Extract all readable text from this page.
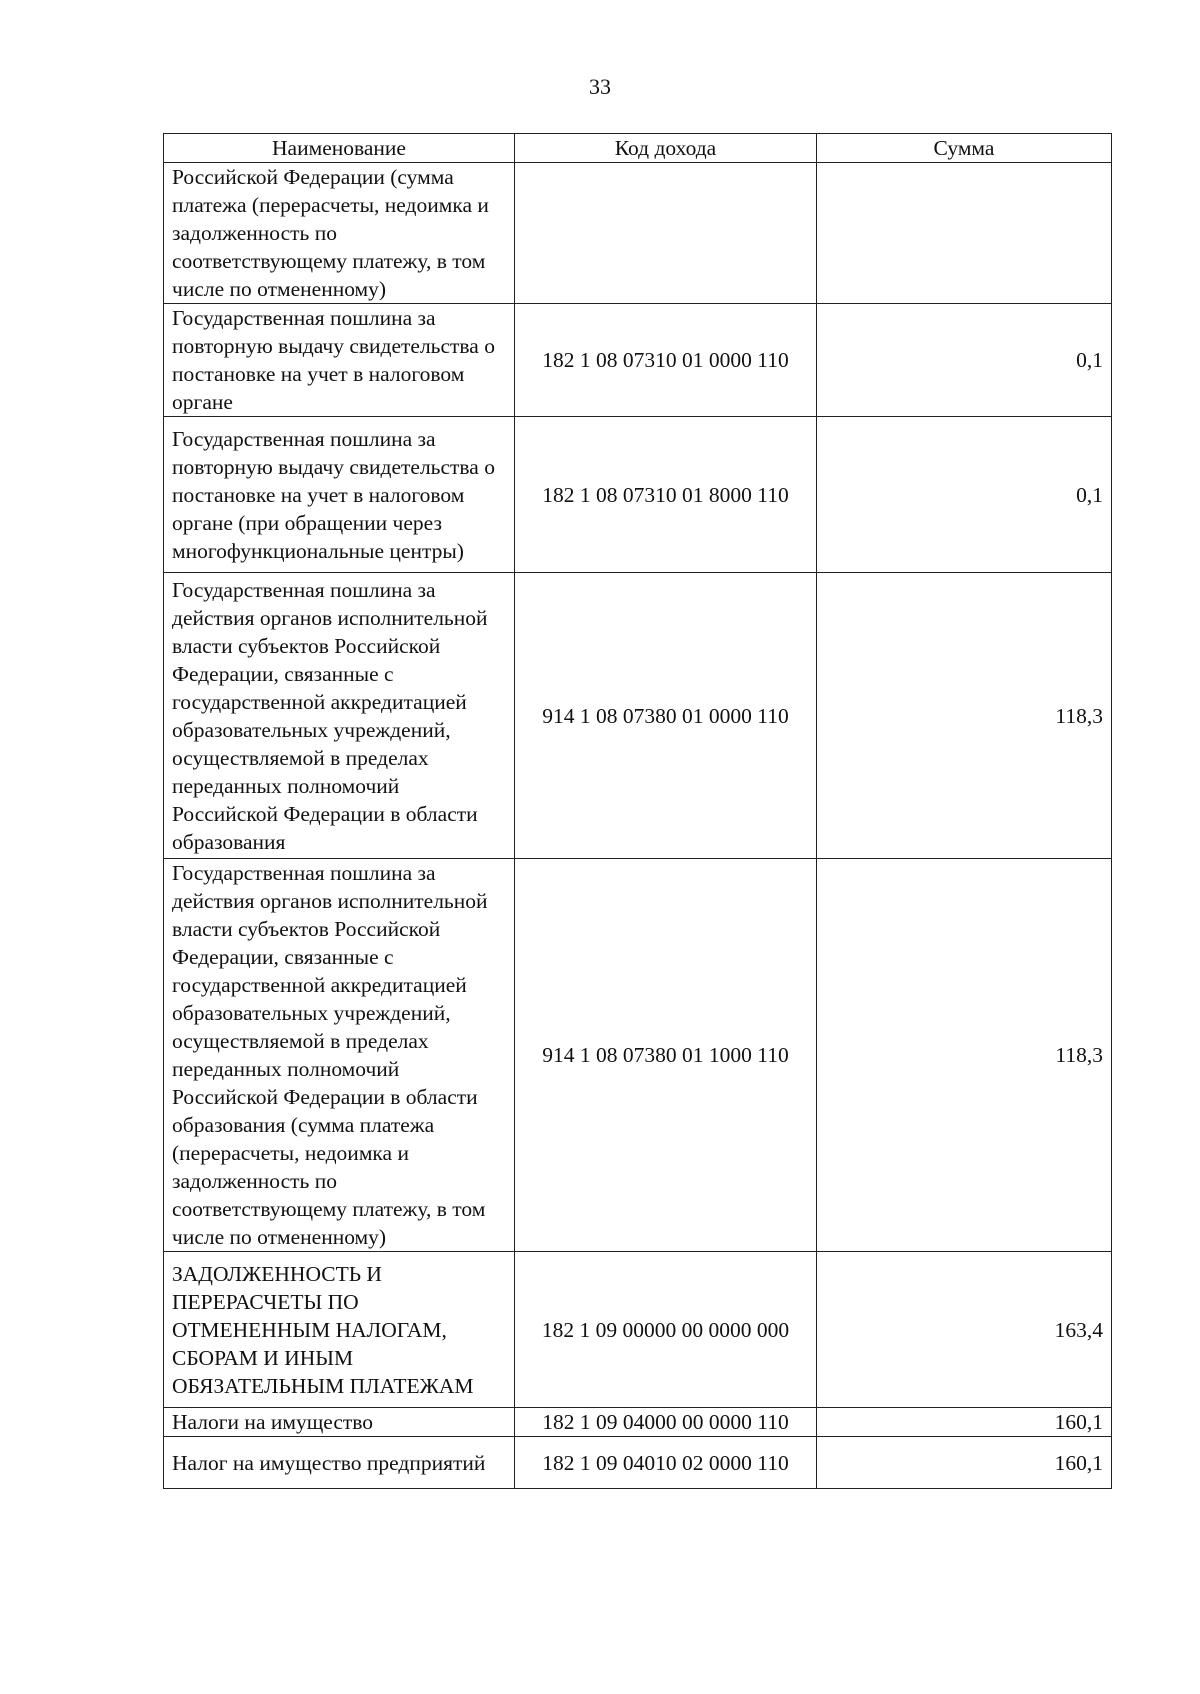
33
Наименование	Код дохода	Сумма
Российской Федерации (сумма платежа (перерасчеты, недоимка и задолженность по соответствующему платежу, в том числе по отмененному)		
Государственная пошлина за повторную выдачу свидетельства о постановке на учет в налоговом органе	182 1 08 07310 01 0000 110	0,1
Государственная пошлина за повторную выдачу свидетельства о постановке на учет в налоговом органе (при обращении через многофункциональные центры)	182 1 08 07310 01 8000 110	0,1
Государственная пошлина за действия органов исполнительной власти субъектов Российской Федерации, связанные с государственной аккредитацией образовательных учреждений, осуществляемой в пределах переданных полномочий Российской Федерации в области образования	914 1 08 07380 01 0000 110	118,3
Государственная пошлина за действия органов исполнительной власти субъектов Российской Федерации, связанные с государственной аккредитацией образовательных учреждений, осуществляемой в пределах переданных полномочий Российской Федерации в области образования (сумма платежа (перерасчеты, недоимка и задолженность по соответствующему платежу, в том числе по отмененному)	914 1 08 07380 01 1000 110	118,3
ЗАДОЛЖЕННОСТЬ И ПЕРЕРАСЧЕТЫ ПО ОТМЕНЕННЫМ НАЛОГАМ, СБОРАМ И ИНЫМ ОБЯЗАТЕЛЬНЫМ ПЛАТЕЖАМ	182 1 09 00000 00 0000 000	163,4
Налоги на имущество	182 1 09 04000 00 0000 110	160,1
Налог на имущество предприятий	182 1 09 04010 02 0000 110	160,1
